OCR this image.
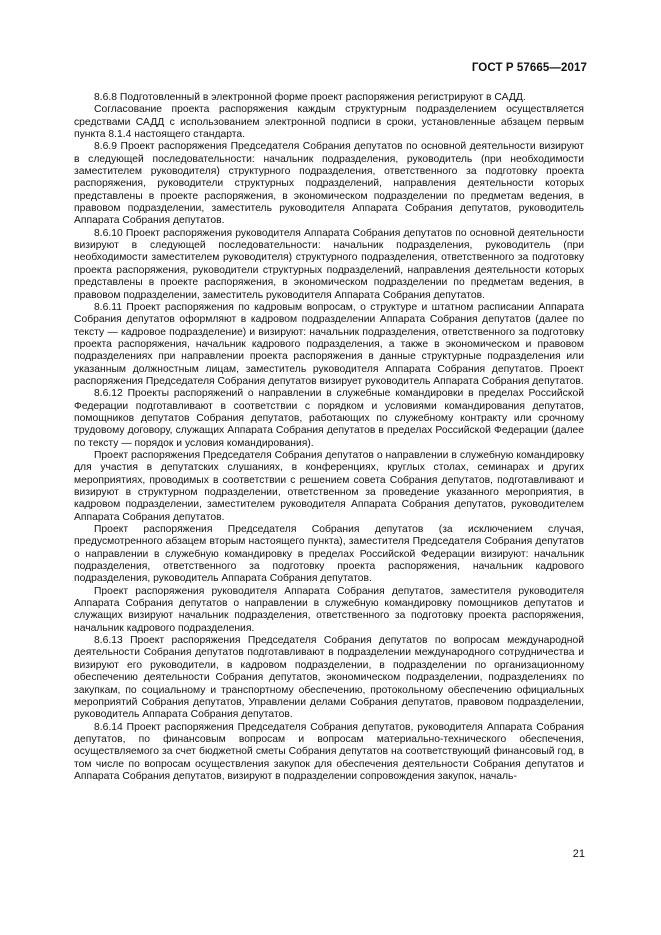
ГОСТ Р 57665—2017

8.6.8 Подготовленный в электронной форме проект распоряжения регистрируют в САДД.

Согласование проекта распоряжения каждым структурным подразделением осуществляется средствами САДД с использованием электронной подписи в сроки, установленные абзацем первым пункта 8.1.4 настоящего стандарта.

8.6.9 Проект распоряжения Председателя Собрания депутатов по основной деятельности визируют в следующей последовательности: начальник подразделения, руководитель (при необходимости заместителем руководителя) структурного подразделения, ответственного за подготовку проекта распоряжения, руководители структурных подразделений, направления деятельности которых представлены в проекте распоряжения, в экономическом подразделении по предметам ведения, в правовом подразделении, заместитель руководителя Аппарата Собрания депутатов, руководитель Аппарата Собрания депутатов.

8.6.10 Проект распоряжения руководителя Аппарата Собрания депутатов по основной деятельности визируют в следующей последовательности: начальник подразделения, руководитель (при необходимости заместителем руководителя) структурного подразделения, ответственного за подготовку проекта распоряжения, руководители структурных подразделений, направления деятельности которых представлены в проекте распоряжения, в экономическом подразделении по предметам ведения, в правовом подразделении, заместитель руководителя Аппарата Собрания депутатов.

8.6.11 Проект распоряжения по кадровым вопросам, о структуре и штатном расписании Аппарата Собрания депутатов оформляют в кадровом подразделении Аппарата Собрания депутатов (далее по тексту — кадровое подразделение) и визируют: начальник подразделения, ответственного за подготовку проекта распоряжения, начальник кадрового подразделения, а также в экономическом и правовом подразделениях при направлении проекта распоряжения в данные структурные подразделения или указанным должностным лицам, заместитель руководителя Аппарата Собрания депутатов. Проект распоряжения Председателя Собрания депутатов визирует руководитель Аппарата Собрания депутатов.

8.6.12 Проекты распоряжений о направлении в служебные командировки в пределах Российской Федерации подготавливают в соответствии с порядком и условиями командирования депутатов, помощников депутатов Собрания депутатов, работающих по служебному контракту или срочному трудовому договору, служащих Аппарата Собрания депутатов в пределах Российской Федерации (далее по тексту — порядок и условия командирования).

Проект распоряжения Председателя Собрания депутатов о направлении в служебную командировку для участия в депутатских слушаниях, в конференциях, круглых столах, семинарах и других мероприятиях, проводимых в соответствии с решением совета Собрания депутатов, подготавливают и визируют в структурном подразделении, ответственном за проведение указанного мероприятия, в кадровом подразделении, заместителем руководителя Аппарата Собрания депутатов, руководителем Аппарата Собрания депутатов.

Проект распоряжения Председателя Собрания депутатов (за исключением случая, предусмотренного абзацем вторым настоящего пункта), заместителя Председателя Собрания депутатов о направлении в служебную командировку в пределах Российской Федерации визируют: начальник подразделения, ответственного за подготовку проекта распоряжения, начальник кадрового подразделения, руководитель Аппарата Собрания депутатов.

Проект распоряжения руководителя Аппарата Собрания депутатов, заместителя руководителя Аппарата Собрания депутатов о направлении в служебную командировку помощников депутатов и служащих визируют начальник подразделения, ответственного за подготовку проекта распоряжения, начальник кадрового подразделения.

8.6.13 Проект распоряжения Председателя Собрания депутатов по вопросам международной деятельности Собрания депутатов подготавливают в подразделении международного сотрудничества и визируют его руководители, в кадровом подразделении, в подразделении по организационному обеспечению деятельности Собрания депутатов, экономическом подразделении, подразделениях по закупкам, по социальному и транспортному обеспечению, протокольному обеспечению официальных мероприятий Собрания депутатов, Управлении делами Собрания депутатов, правовом подразделении, руководитель Аппарата Собрания депутатов.

8.6.14 Проект распоряжения Председателя Собрания депутатов, руководителя Аппарата Собрания депутатов, по финансовым вопросам и вопросам материально-технического обеспечения, осуществляемого за счет бюджетной сметы Собрания депутатов на соответствующий финансовый год, в том числе по вопросам осуществления закупок для обеспечения деятельности Собрания депутатов и Аппарата Собрания депутатов, визируют в подразделении сопровождения закупок, началь-

21
